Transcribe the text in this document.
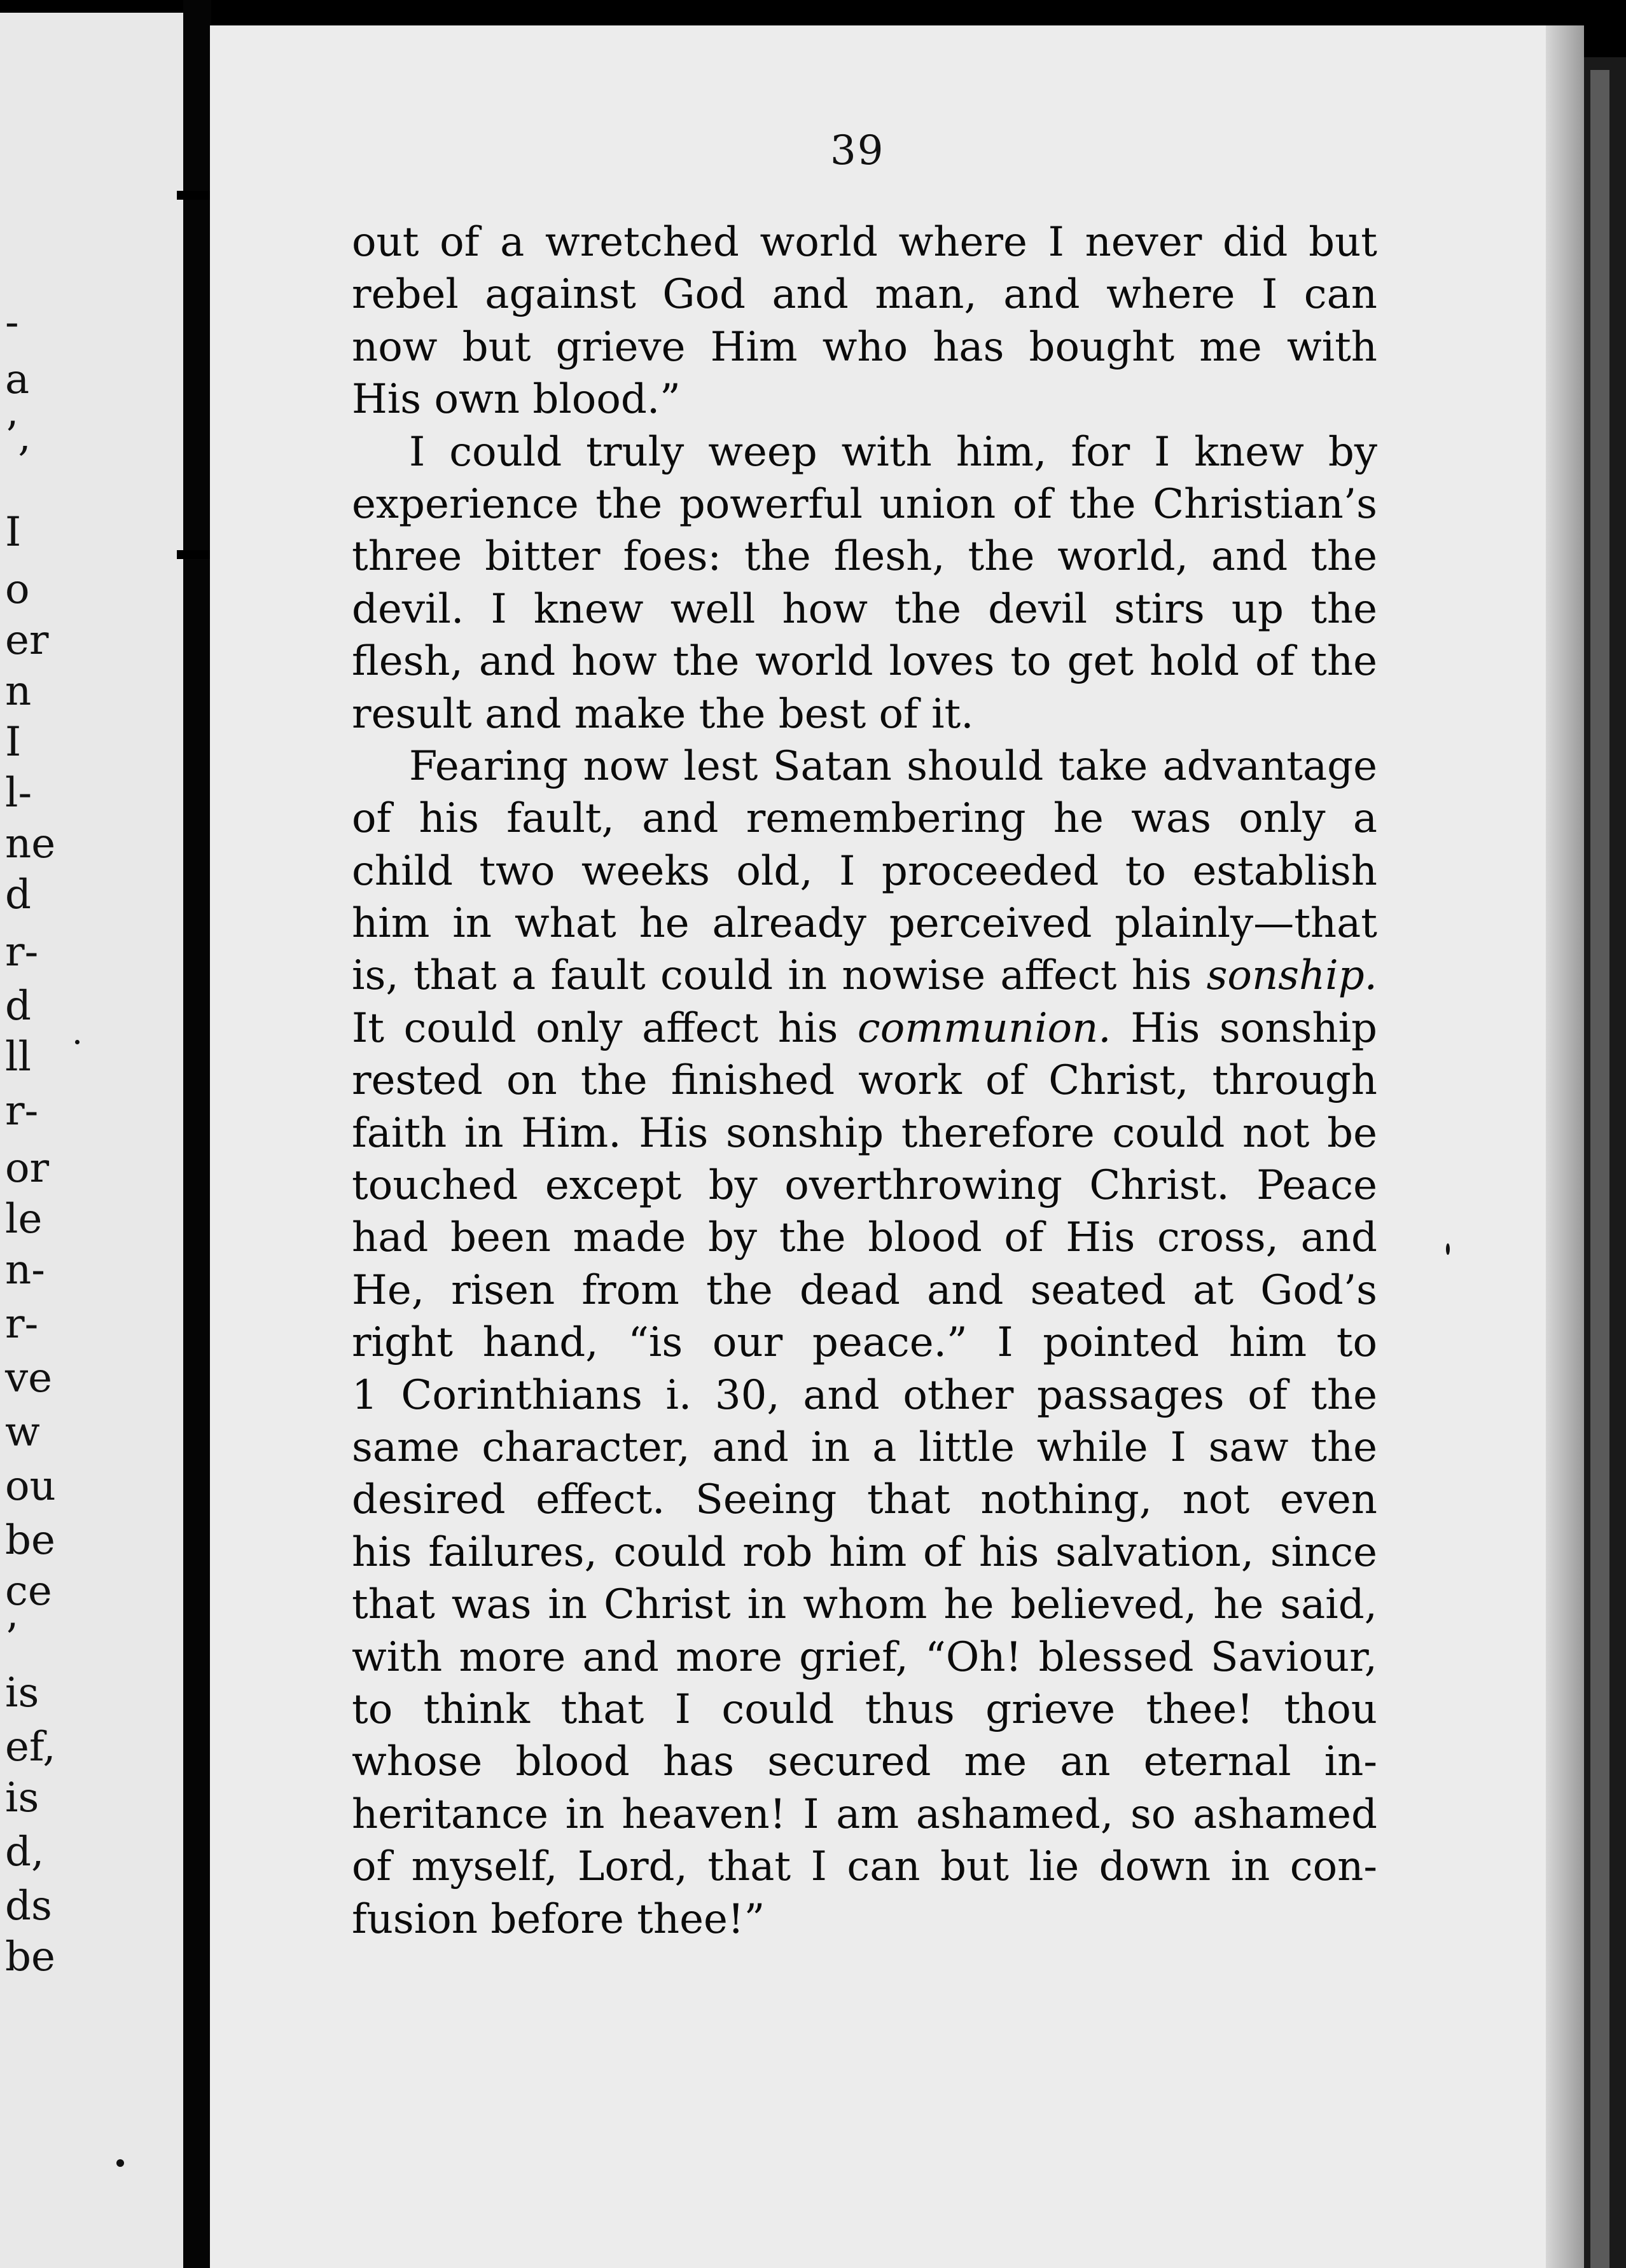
-
a
’,
I
o
er
n
I
l-
ne
d
r-
d
ll
r-
or
le
n-
r-
ve
w
ou
be
ce
’
is
ef,
is
d,
ds
be
39
out of a wretched world where I never did but
rebel against God and man, and where I can
now but grieve Him who has bought me with
His own blood.”
I could truly weep with him, for I knew by
experience the powerful union of the Christian’s
three bitter foes: the flesh, the world, and the
devil. I knew well how the devil stirs up the
flesh, and how the world loves to get hold of the
result and make the best of it.
Fearing now lest Satan should take advantage
of his fault, and remembering he was only a
child two weeks old, I proceeded to establish
him in what he already perceived plainly—that
is, that a fault could in nowise affect his sonship.
It could only affect his communion. His sonship
rested on the finished work of Christ, through
faith in Him. His sonship therefore could not be
touched except by overthrowing Christ. Peace
had been made by the blood of His cross, and
He, risen from the dead and seated at God’s
right hand, “is our peace.” I pointed him to
1 Corinthians i. 30, and other passages of the
same character, and in a little while I saw the
desired effect. Seeing that nothing, not even
his failures, could rob him of his salvation, since
that was in Christ in whom he believed, he said,
with more and more grief, “Oh! blessed Saviour,
to think that I could thus grieve thee! thou
whose blood has secured me an eternal in-
heritance in heaven! I am ashamed, so ashamed
of myself, Lord, that I can but lie down in con-
fusion before thee!”
